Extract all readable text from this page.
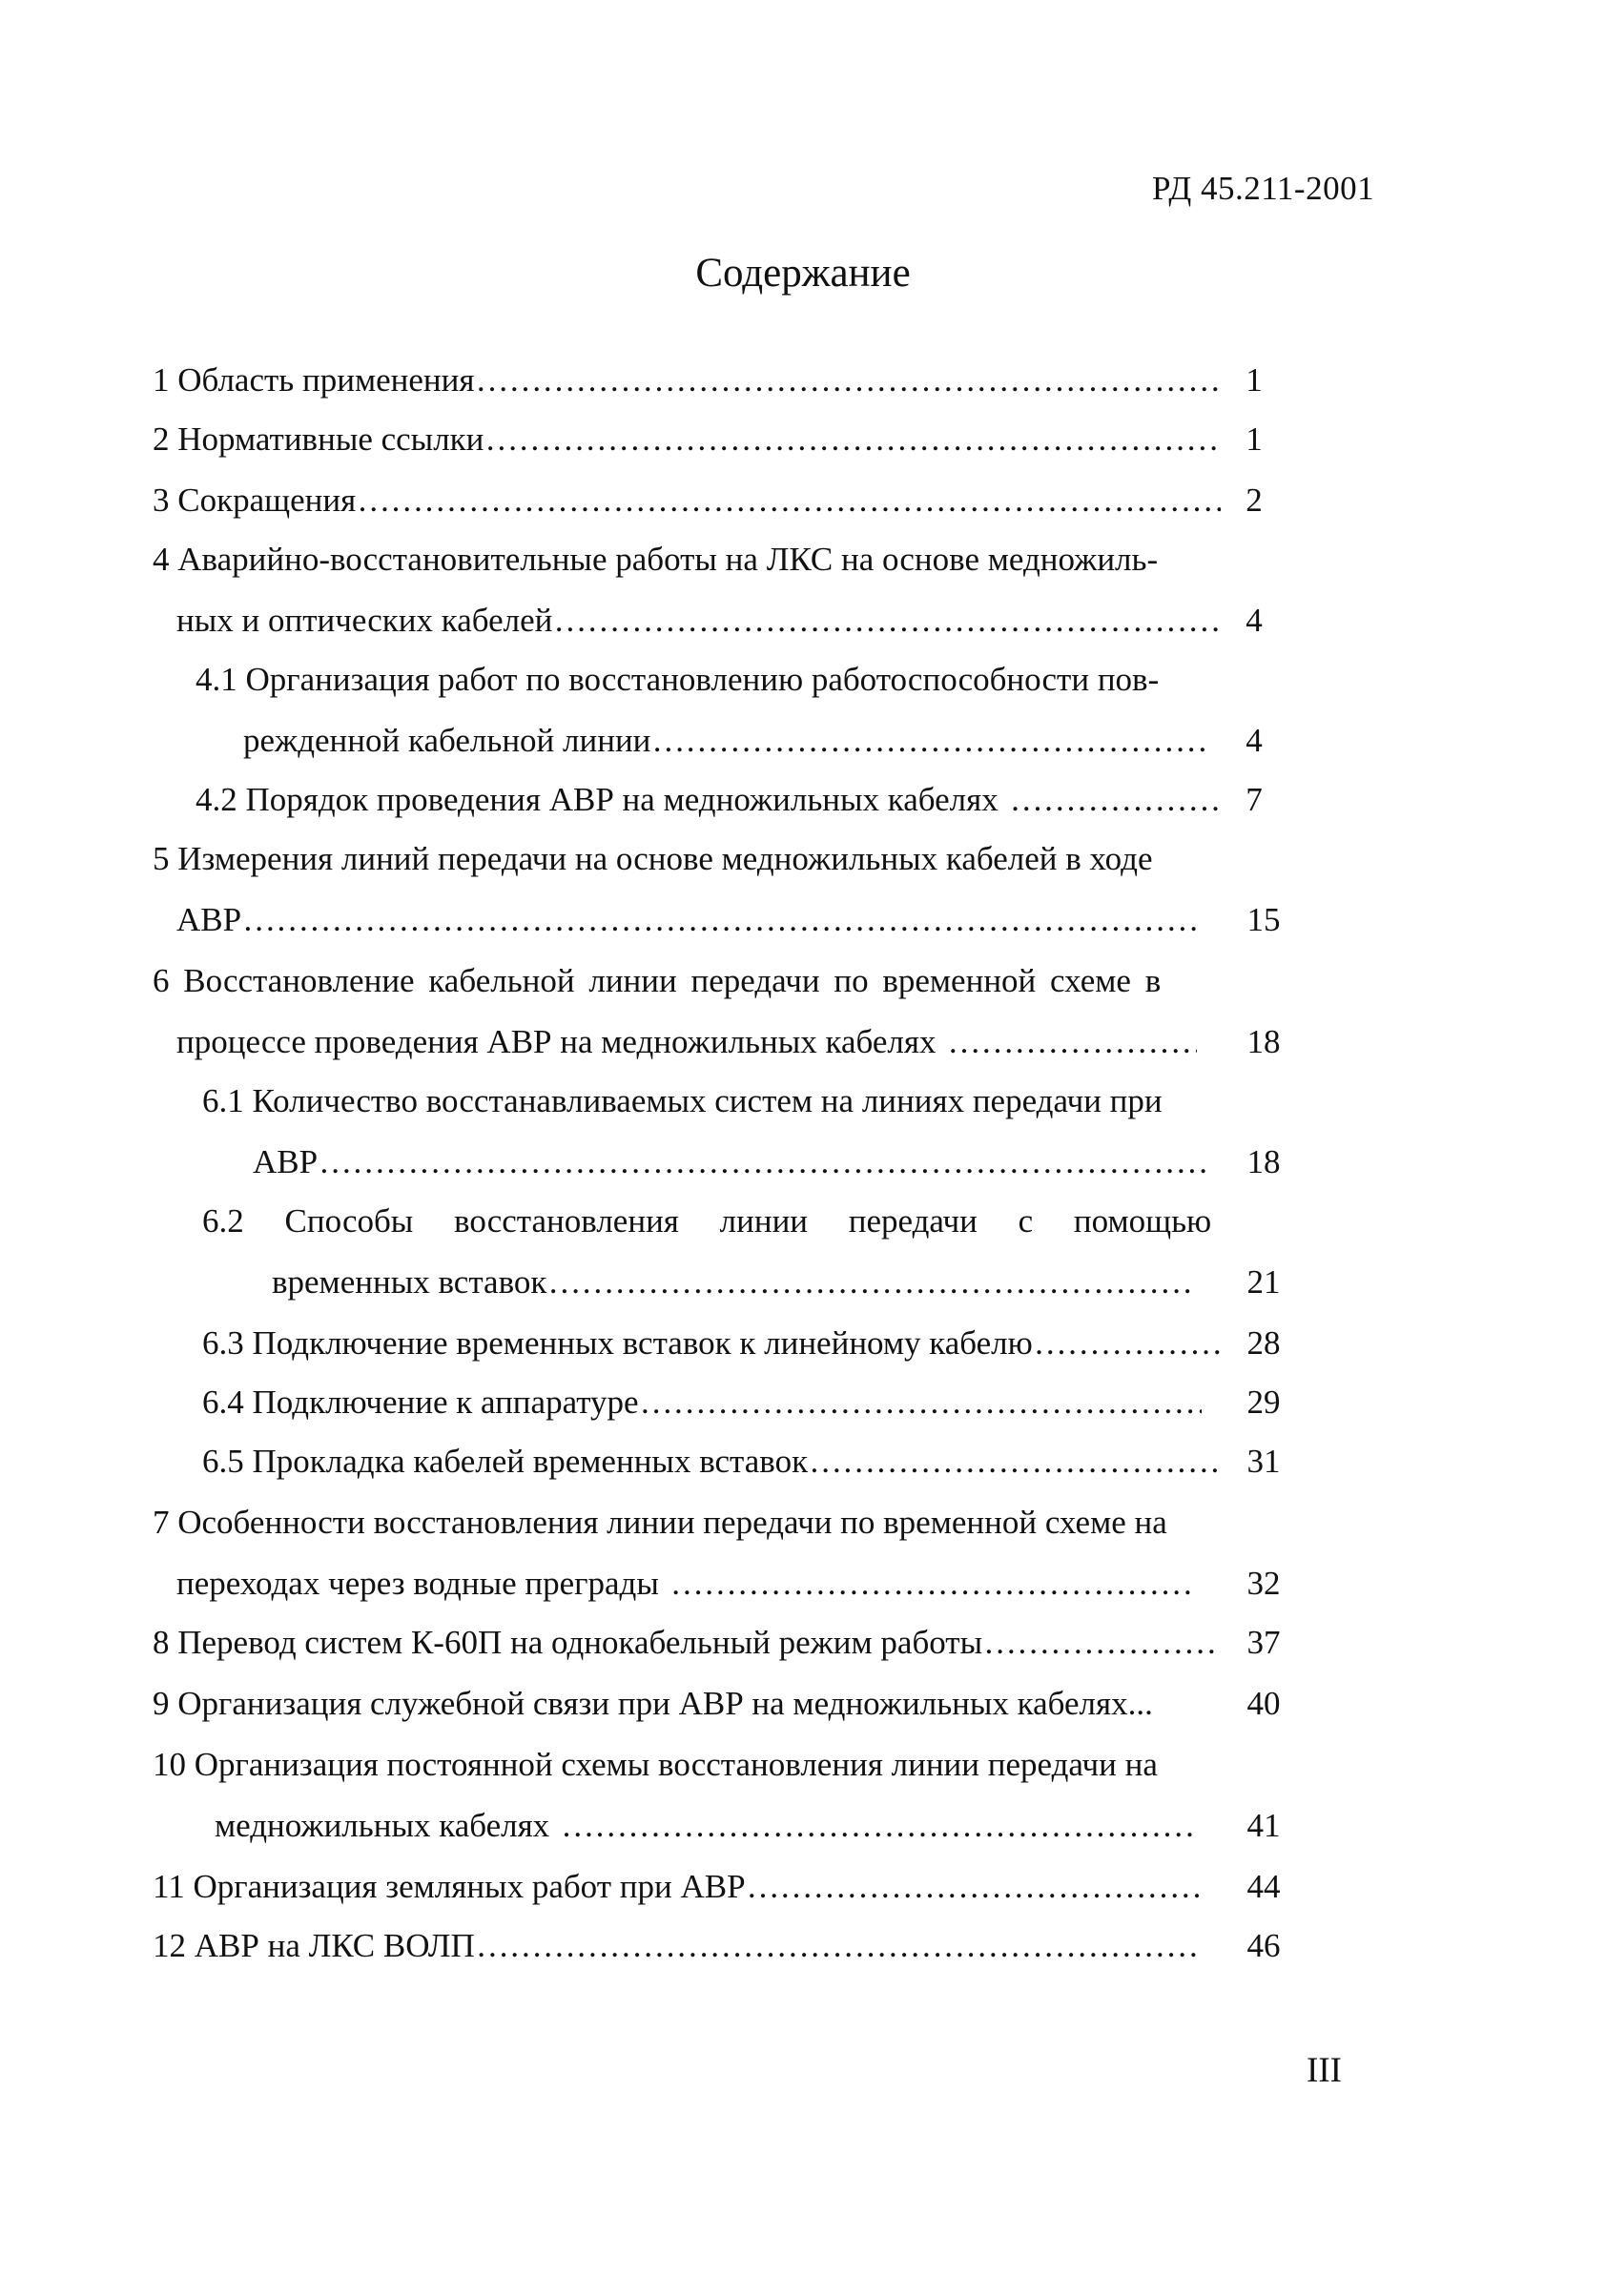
РД 45.211-2001
Содержание
1 Область применения …………………………………………………………………………………………………………………………………………	1
2 Нормативные ссылки …………………………………………………………………………………………………………………………………………	1
3 Сокращения …………………………………………………………………………………………………………………………………………	2
4 Аварийно-восстановительные работы на ЛКС на основе медножиль-
ных и оптических кабелей …………………………………………………………………………………………………………………………………………	4
4.1 Организация работ по восстановлению работоспособности пов-
режденной кабельной линии …………………………………………………………………………………………………………………………………………	4
4.2 Порядок проведения АВР на медножильных кабелях …………………………………………………………………………………………………………………………………………	7
5 Измерения линий передачи на основе медножильных кабелей в ходе
АВР …………………………………………………………………………………………………………………………………………	15
6 Восстановление кабельной линии передачи по временной схеме в
процессе проведения АВР на медножильных кабелях …………………………………………………………………………………………………………………………………………	18
6.1 Количество восстанавливаемых систем на линиях передачи при
АВР …………………………………………………………………………………………………………………………………………	18
6.2 Способы восстановления линии передачи с помощью
временных вставок …………………………………………………………………………………………………………………………………………	21
6.3 Подключение временных вставок к линейному кабелю …………………………………………………………………………………………………………………………………………	28
6.4 Подключение к аппаратуре …………………………………………………………………………………………………………………………………………	29
6.5 Прокладка кабелей временных вставок …………………………………………………………………………………………………………………………………………	31
7 Особенности восстановления линии передачи по временной схеме на
переходах через водные преграды …………………………………………………………………………………………………………………………………………	32
8 Перевод систем К-60П на однокабельный режим работы …………………………………………………………………………………………………………………………………………	37
9 Организация служебной связи при АВР на медножильных кабелях...	40
10 Организация постоянной схемы восстановления линии передачи на
медножильных кабелях …………………………………………………………………………………………………………………………………………	41
11 Организация земляных работ при АВР …………………………………………………………………………………………………………………………………………	44
12 АВР на ЛКС ВОЛП …………………………………………………………………………………………………………………………………………	46
III
